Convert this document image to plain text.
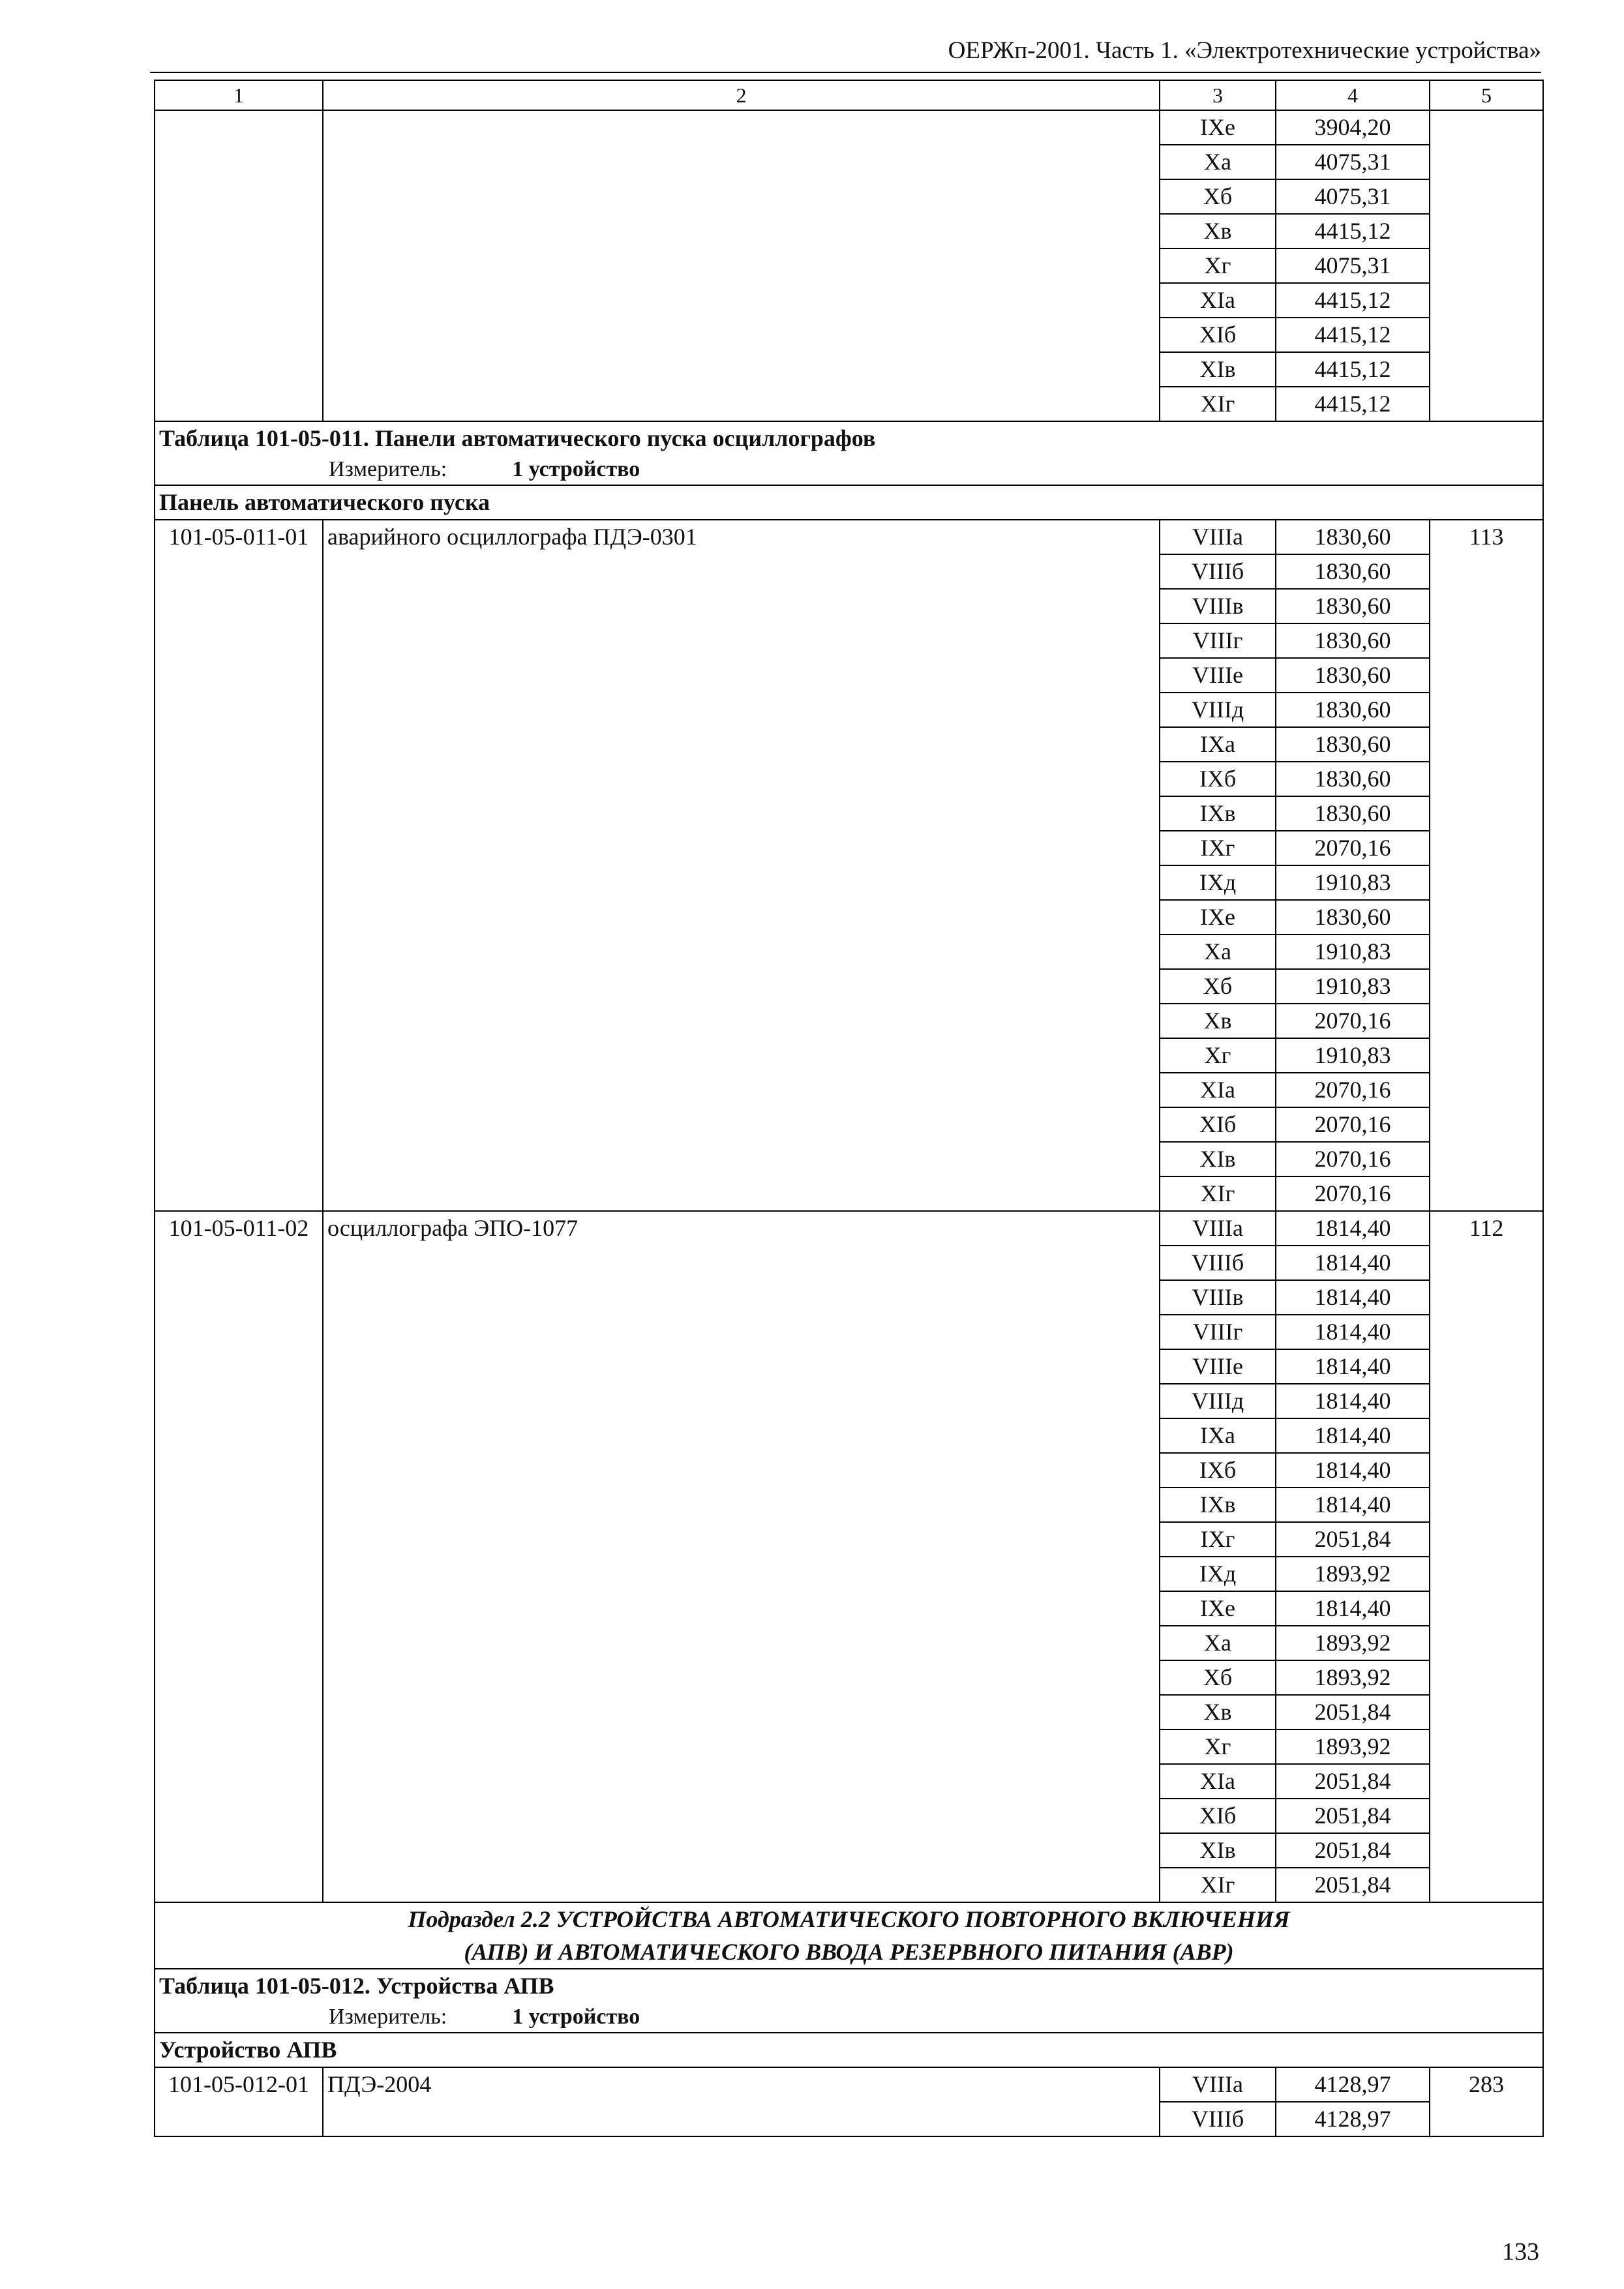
ОЕРЖп-2001. Часть 1. «Электротехнические устройства»
1	2	3	4	5
		IXе	3904,20	
		Xа	4075,31	
		Xб	4075,31	
		Xв	4415,12	
		Xг	4075,31	
		XIа	4415,12	
		XIб	4415,12	
		XIв	4415,12	
		XIг	4415,12	
Таблица 101-05-011. Панели автоматического пуска осциллографов
Измеритель: 1 устройство				

Панель автоматического пуска				
101-05-011-01	аварийного осциллографа ПДЭ-0301	VIIIа	1830,60	113
		VIIIб	1830,60	
		VIIIв	1830,60	
		VIIIг	1830,60	
		VIIIе	1830,60	
		VIIIд	1830,60	
		IXа	1830,60	
		IXб	1830,60	
		IXв	1830,60	
		IXг	2070,16	
		IXд	1910,83	
		IXе	1830,60	
		Xа	1910,83	
		Xб	1910,83	
		Xв	2070,16	
		Xг	1910,83	
		XIа	2070,16	
		XIб	2070,16	
		XIв	2070,16	
		XIг	2070,16	
101-05-011-02	осциллографа ЭПО-1077	VIIIа	1814,40	112
		VIIIб	1814,40	
		VIIIв	1814,40	
		VIIIг	1814,40	
		VIIIе	1814,40	
		VIIIд	1814,40	
		IXа	1814,40	
		IXб	1814,40	
		IXв	1814,40	
		IXг	2051,84	
		IXд	1893,92	
		IXе	1814,40	
		Xа	1893,92	
		Xб	1893,92	
		Xв	2051,84	
		Xг	1893,92	
		XIа	2051,84	
		XIб	2051,84	
		XIв	2051,84	
		XIг	2051,84	

Подраздел 2.2 УСТРОЙСТВА АВТОМАТИЧЕСКОГО ПОВТОРНОГО ВКЛЮЧЕНИЯ
(АПВ) И АВТОМАТИЧЕСКОГО ВВОДА РЕЗЕРВНОГО ПИТАНИЯ (АВР)				

Таблица 101-05-012. Устройства АПВ
Измеритель: 1 устройство				

Устройство АПВ				
101-05-012-01	ПДЭ-2004	VIIIа	4128,97	283
		VIIIб	4128,97	
133
